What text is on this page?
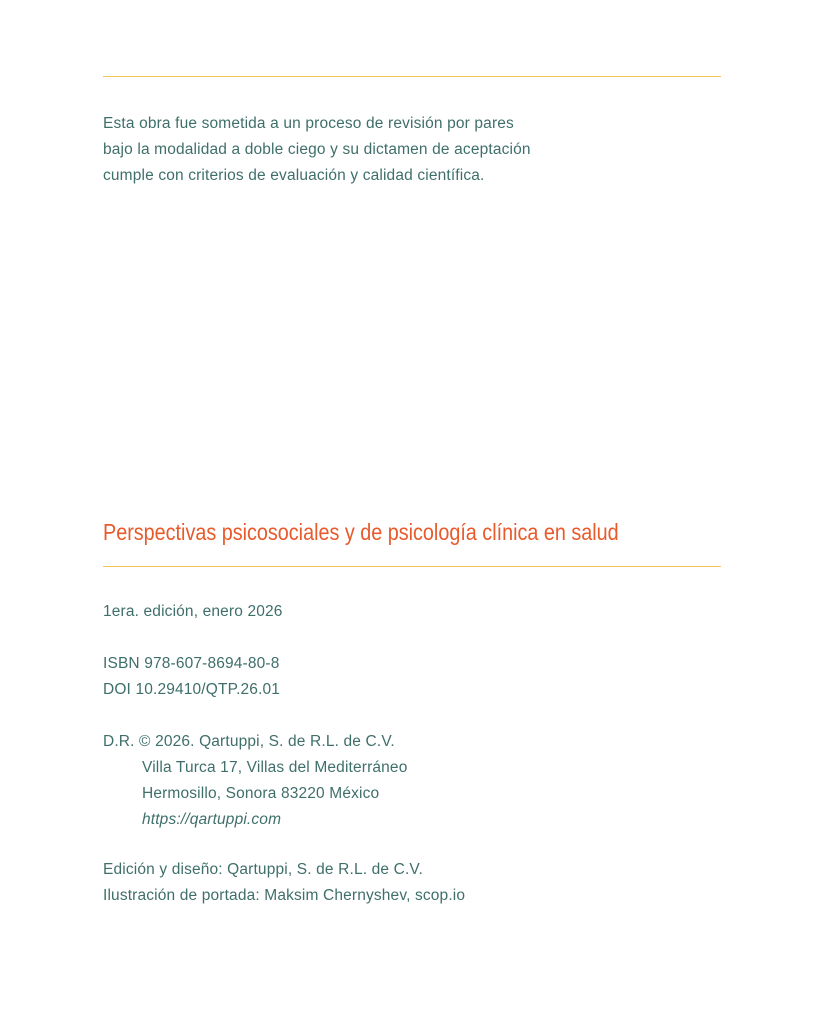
Esta obra fue sometida a un proceso de revisión por pares
bajo la modalidad a doble ciego y su dictamen de aceptación
cumple con criterios de evaluación y calidad científica.
Perspectivas psicosociales y de psicología clínica en salud
1era. edición, enero 2026
ISBN 978-607-8694-80-8
DOI 10.29410/QTP.26.01
D.R. © 2026. Qartuppi, S. de R.L. de C.V.
Villa Turca 17, Villas del Mediterráneo
Hermosillo, Sonora 83220 México
https://qartuppi.com
Edición y diseño: Qartuppi, S. de R.L. de C.V.
Ilustración de portada: Maksim Chernyshev, scop.io
